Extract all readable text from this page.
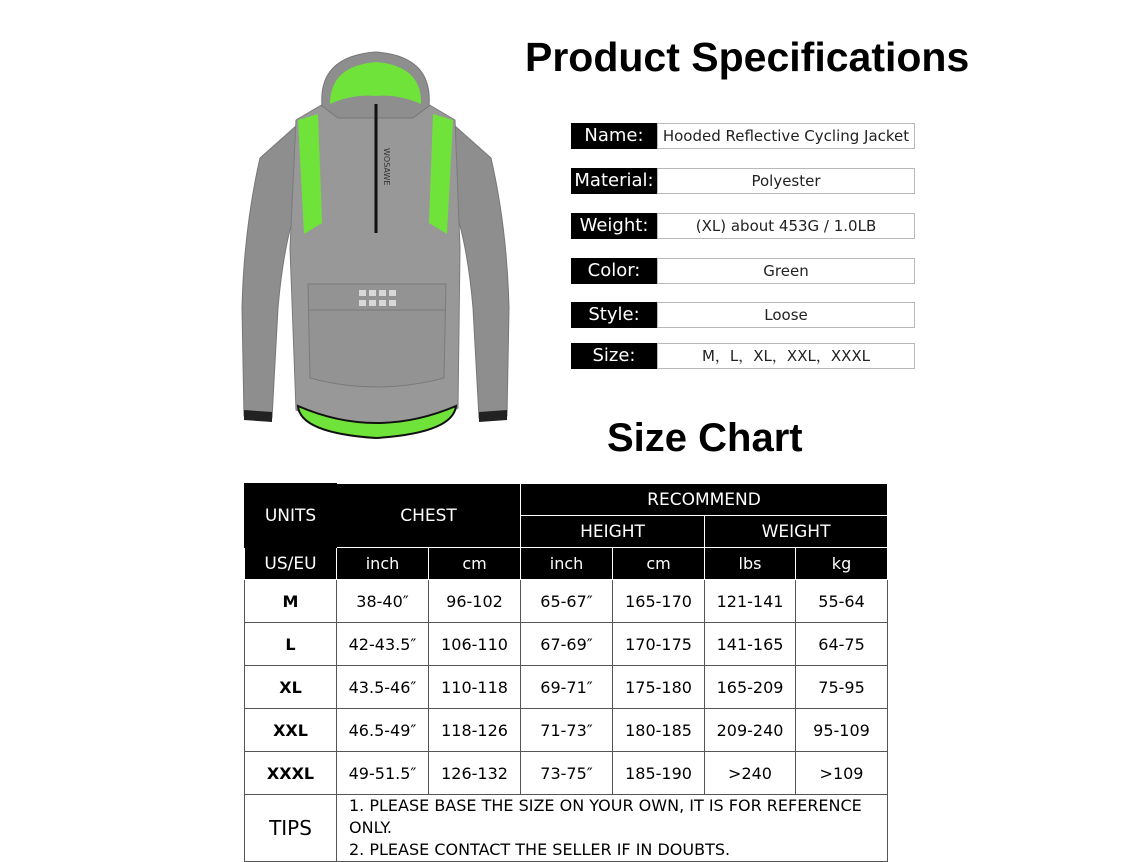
WOSAWE
Product Specifications
Size Chart
Name:	Hooded Reflective Cycling Jacket
Material:	Polyester
Weight:	(XL) about 453G / 1.0LB
Color:	Green
Style:	Loose
Size:	M，L，XL，XXL，XXXL
UNITS	CHEST		RECOMMEND			
			HEIGHT		WEIGHT	
US/EU	inch	cm	inch	cm	lbs	kg
M	38-40″	96-102	65-67″	165-170	121-141	55-64
L	42-43.5″	106-110	67-69″	170-175	141-165	64-75
XL	43.5-46″	110-118	69-71″	175-180	165-209	75-95
XXL	46.5-49″	118-126	71-73″	180-185	209-240	95-109
XXXL	49-51.5″	126-132	73-75″	185-190	>240	>109
TIPS	1. PLEASE BASE THE SIZE ON YOUR OWN, IT IS FOR REFERENCE ONLY.
2. PLEASE CONTACT THE SELLER IF IN DOUBTS.					
